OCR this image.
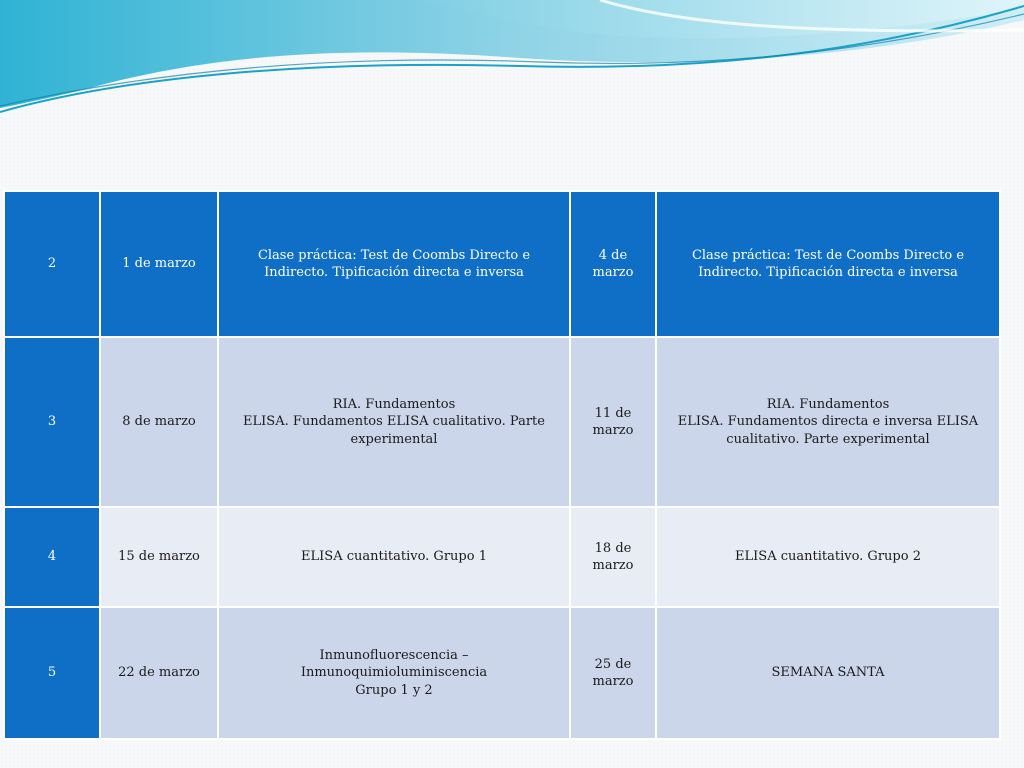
2	1 de marzo	Clase práctica: Test de Coombs Directo e Indirecto. Tipificación directa e inversa	4 de
marzo	Clase práctica: Test de Coombs Directo e Indirecto. Tipificación directa e inversa
3	8 de marzo	RIA. Fundamentos
ELISA. Fundamentos ELISA cualitativo. Parte experimental	11 de marzo	RIA. Fundamentos
ELISA. Fundamentos directa e inversa ELISA cualitativo. Parte experimental
4	15 de marzo	ELISA cuantitativo. Grupo 1	18 de
marzo	ELISA cuantitativo. Grupo 2
5	22 de marzo	Inmunofluorescencia – Inmunoquimioluminiscencia
Grupo 1 y 2	25 de
marzo	SEMANA SANTA
